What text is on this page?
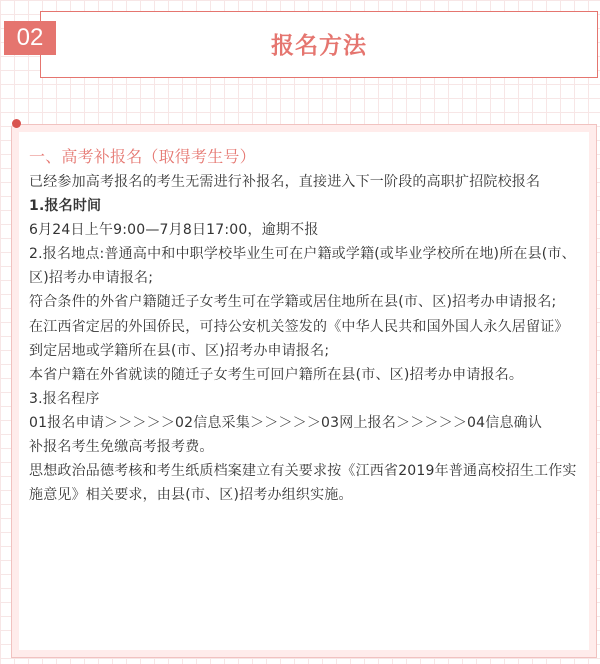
报名方法
02

一、高考补报名（取得考生号）

已经参加高考报名的考生无需进行补报名，直接进入下一阶段的高职扩招院校报名

1.报名时间

6月24日上午9:00—7月8日17:00，逾期不报

2.报名地点:普通高中和中职学校毕业生可在户籍或学籍(或毕业学校所在地)所在县(市、区)招考办申请报名;

符合条件的外省户籍随迁子女考生可在学籍或居住地所在县(市、区)招考办申请报名;

在江西省定居的外国侨民，可持公安机关签发的《中华人民共和国外国人永久居留证》到定居地或学籍所在县(市、区)招考办申请报名;

本省户籍在外省就读的随迁子女考生可回户籍所在县(市、区)招考办申请报名。

3.报名程序

01报名申请＞＞＞＞＞02信息采集＞＞＞＞＞03网上报名＞＞＞＞＞04信息确认

补报名考生免缴高考报考费。

思想政治品德考核和考生纸质档案建立有关要求按《江西省2019年普通高校招生工作实施意见》相关要求，由县(市、区)招考办组织实施。
